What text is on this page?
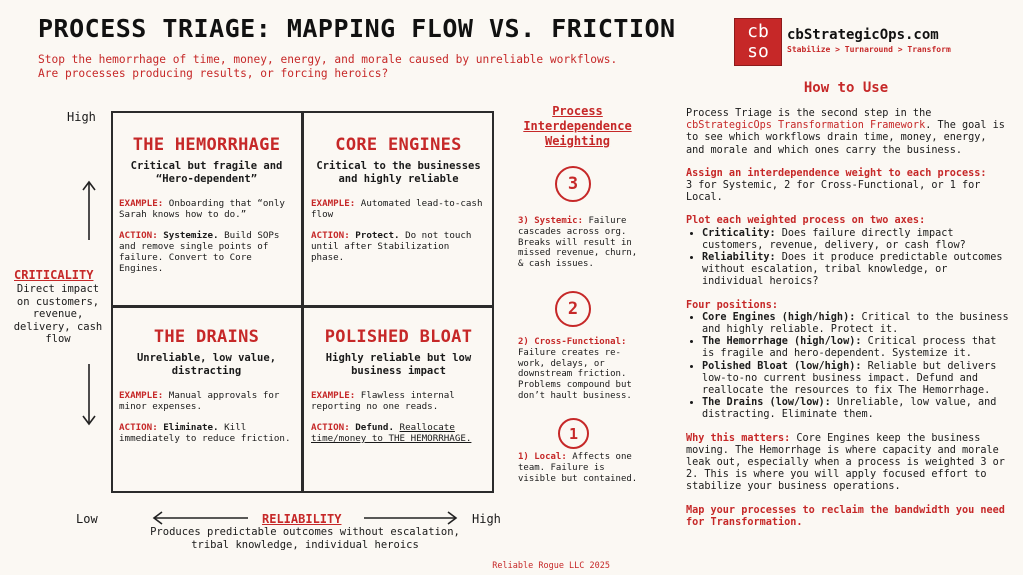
PROCESS TRIAGE: MAPPING FLOW VS. FRICTION
Stop the hemorrhage of time, money, energy, and morale caused by unreliable workflows.
Are processes producing results, or forcing heroics?
cb
so
cbStrategicOps.com
Stabilize > Turnaround > Transform
High
Low	High
CRITICALITY
Direct impact on customers, revenue, delivery, cash flow
RELIABILITY
Produces predictable outcomes without escalation, tribal knowledge, individual heroics
THE HEMORRHAGE
Critical but fragile and “Hero-dependent”
EXAMPLE: Onboarding that “only Sarah knows how to do.”
ACTION: Systemize. Build SOPs and remove single points of failure. Convert to Core Engines.
CORE ENGINES
Critical to the businesses and highly reliable
EXAMPLE: Automated lead-to-cash flow
ACTION: Protect. Do not touch until after Stabilization phase.
THE DRAINS
Unreliable, low value, distracting
EXAMPLE: Manual approvals for minor expenses.
ACTION: Eliminate. Kill immediately to reduce friction.
POLISHED BLOAT
Highly reliable but low business impact
EXAMPLE: Flawless internal reporting no one reads.
ACTION: Defund. Reallocate time/money to THE HEMORRHAGE.
Process Interdependence Weighting
3
3) Systemic: Failure cascades across org. Breaks will result in missed revenue, churn, & cash issues.
2
2) Cross-Functional: Failure creates re-work, delays, or downstream friction. Problems compound but don’t hault business.
1
1) Local: Affects one team. Failure is visible but contained.
How to Use

Process Triage is the second step in the cbStrategicOps Transformation Framework. The goal is to see which workflows drain time, money, energy, and morale and which ones carry the business.

Assign an interdependence weight to each process:
3 for Systemic, 2 for Cross-Functional, or 1 for Local.

Plot each weighted process on two axes:
• Criticality: Does failure directly impact customers, revenue, delivery, or cash flow?
• Reliability: Does it produce predictable outcomes without escalation, tribal knowledge, or individual heroics?
Four positions:
• Core Engines (high/high): Critical to the business and highly reliable. Protect it.
• The Hemorrhage (high/low): Critical process that is fragile and hero-dependent. Systemize it.
• Polished Bloat (low/high): Reliable but delivers low-to-no current business impact. Defund and reallocate the resources to fix The Hemorrhage.
• The Drains (low/low): Unreliable, low value, and distracting. Eliminate them.

Why this matters: Core Engines keep the business moving. The Hemorrhage is where capacity and morale leak out, especially when a process is weighted 3 or 2. This is where you will apply focused effort to stabilize your business operations.

Map your processes to reclaim the bandwidth you need for Transformation.

Reliable Rogue LLC 2025
